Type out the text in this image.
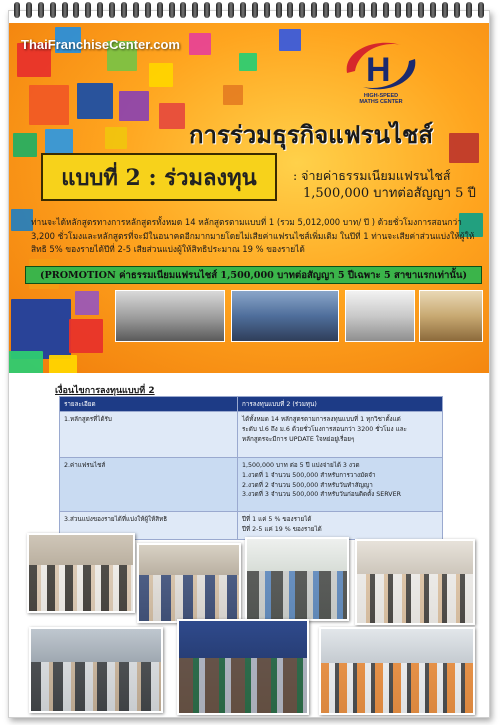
ThaiFranchiseCenter.com
H
HIGH-SPEED
MATHS CENTER
การร่วมธุรกิจแฟรนไชส์
แบบที่ 2 : ร่วมลงทุน	: จ่ายค่าธรรมเนียมแฟรนไชส์
1,500,000 บาทต่อสัญญา 5 ปี
ท่านจะได้หลักสูตรทางการหลักสูตรทั้งหมด 14 หลักสูตรตามแบบที่ 1 (รวม 5,012,000 บาท/ ปี ) ด้วยชั่วโมงการสอนกว่า 3,200 ชั่วโมงและหลักสูตรที่จะมีในอนาคตอีกมากมายโดยไม่เสียค่าแฟรนไชส์เพิ่มเติม ในปีที่ 1 ท่านจะเสียค่าส่วนแบ่งให้ผู้ให้สิทธิ 5% ของรายได้ปีที่ 2-5 เสียส่วนแบ่งผู้ให้สิทธิประมาณ 19 % ของรายได้
(PROMOTION ค่าธรรมเนียมแฟรนไชส์ 1,500,000 บาทต่อสัญญา 5 ปีเฉพาะ 5 สาขาแรกเท่านั้น)
เงื่อนไขการลงทุนแบบที่ 2
รายละเอียด	การลงทุนแบบที่ 2 (ร่วมทุน)
1.หลักสูตรที่ได้รับ	ได้ทั้งหมด 14 หลักสูตรตามการลงทุนแบบที่ 1 ทุกวิชาตั้งแต่
ระดับ ป.6 ถึง ม.6 ด้วยชั่วโมงการสอนกว่า 3200 ชั่วโมง และ
หลักสูตรจะมีการ UPDATE ใจหย่อยู่เรื่อยๆ

2.ค่าแฟรนไชส์	1,500,000 บาท ต่อ 5 ปี แบ่งจ่ายได้ 3 งวด
1.งวดที่ 1 จำนวน 500,000 สำหรับการวางมัดจำ
2.งวดที่ 2 จำนวน 500,000 สำหรับวันทำสัญญา
3.งวดที่ 3 จำนวน 500,000 สำหรับวันก่อนติดตั้ง SERVER

3.ส่วนแบ่งของรายได้ที่แบ่งให้ผู้ให้สิทธิ	ปีที่ 1 แค่ 5 % ของรายได้
ปีที่ 2-5 แค่ 19 % ของรายได้
